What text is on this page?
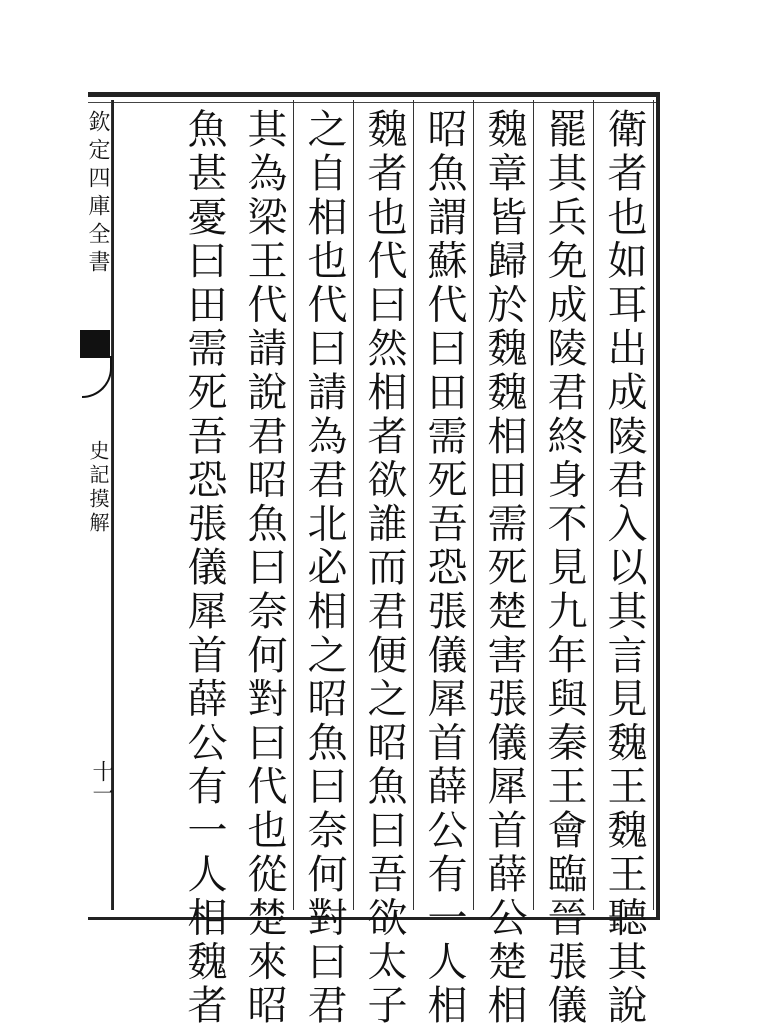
欽定四庫全書
史記摸解
十一	衛者也如耳出成陵君入以其言見魏王魏王聽其說
罷其兵免成陵君終身不見九年與秦王會臨晉張儀
魏章皆歸於魏魏相田需死楚害張儀犀首薛公楚相
昭魚謂蘇代曰田需死吾恐張儀犀首薛公有一人相
魏者也代曰然相者欲誰而君便之昭魚曰吾欲太子
之自相也代曰請為君北必相之昭魚曰奈何對曰君
其為梁王代請說君昭魚曰奈何對曰代也從楚來昭
魚甚憂曰田需死吾恐張儀犀首薛公有一人相魏者
